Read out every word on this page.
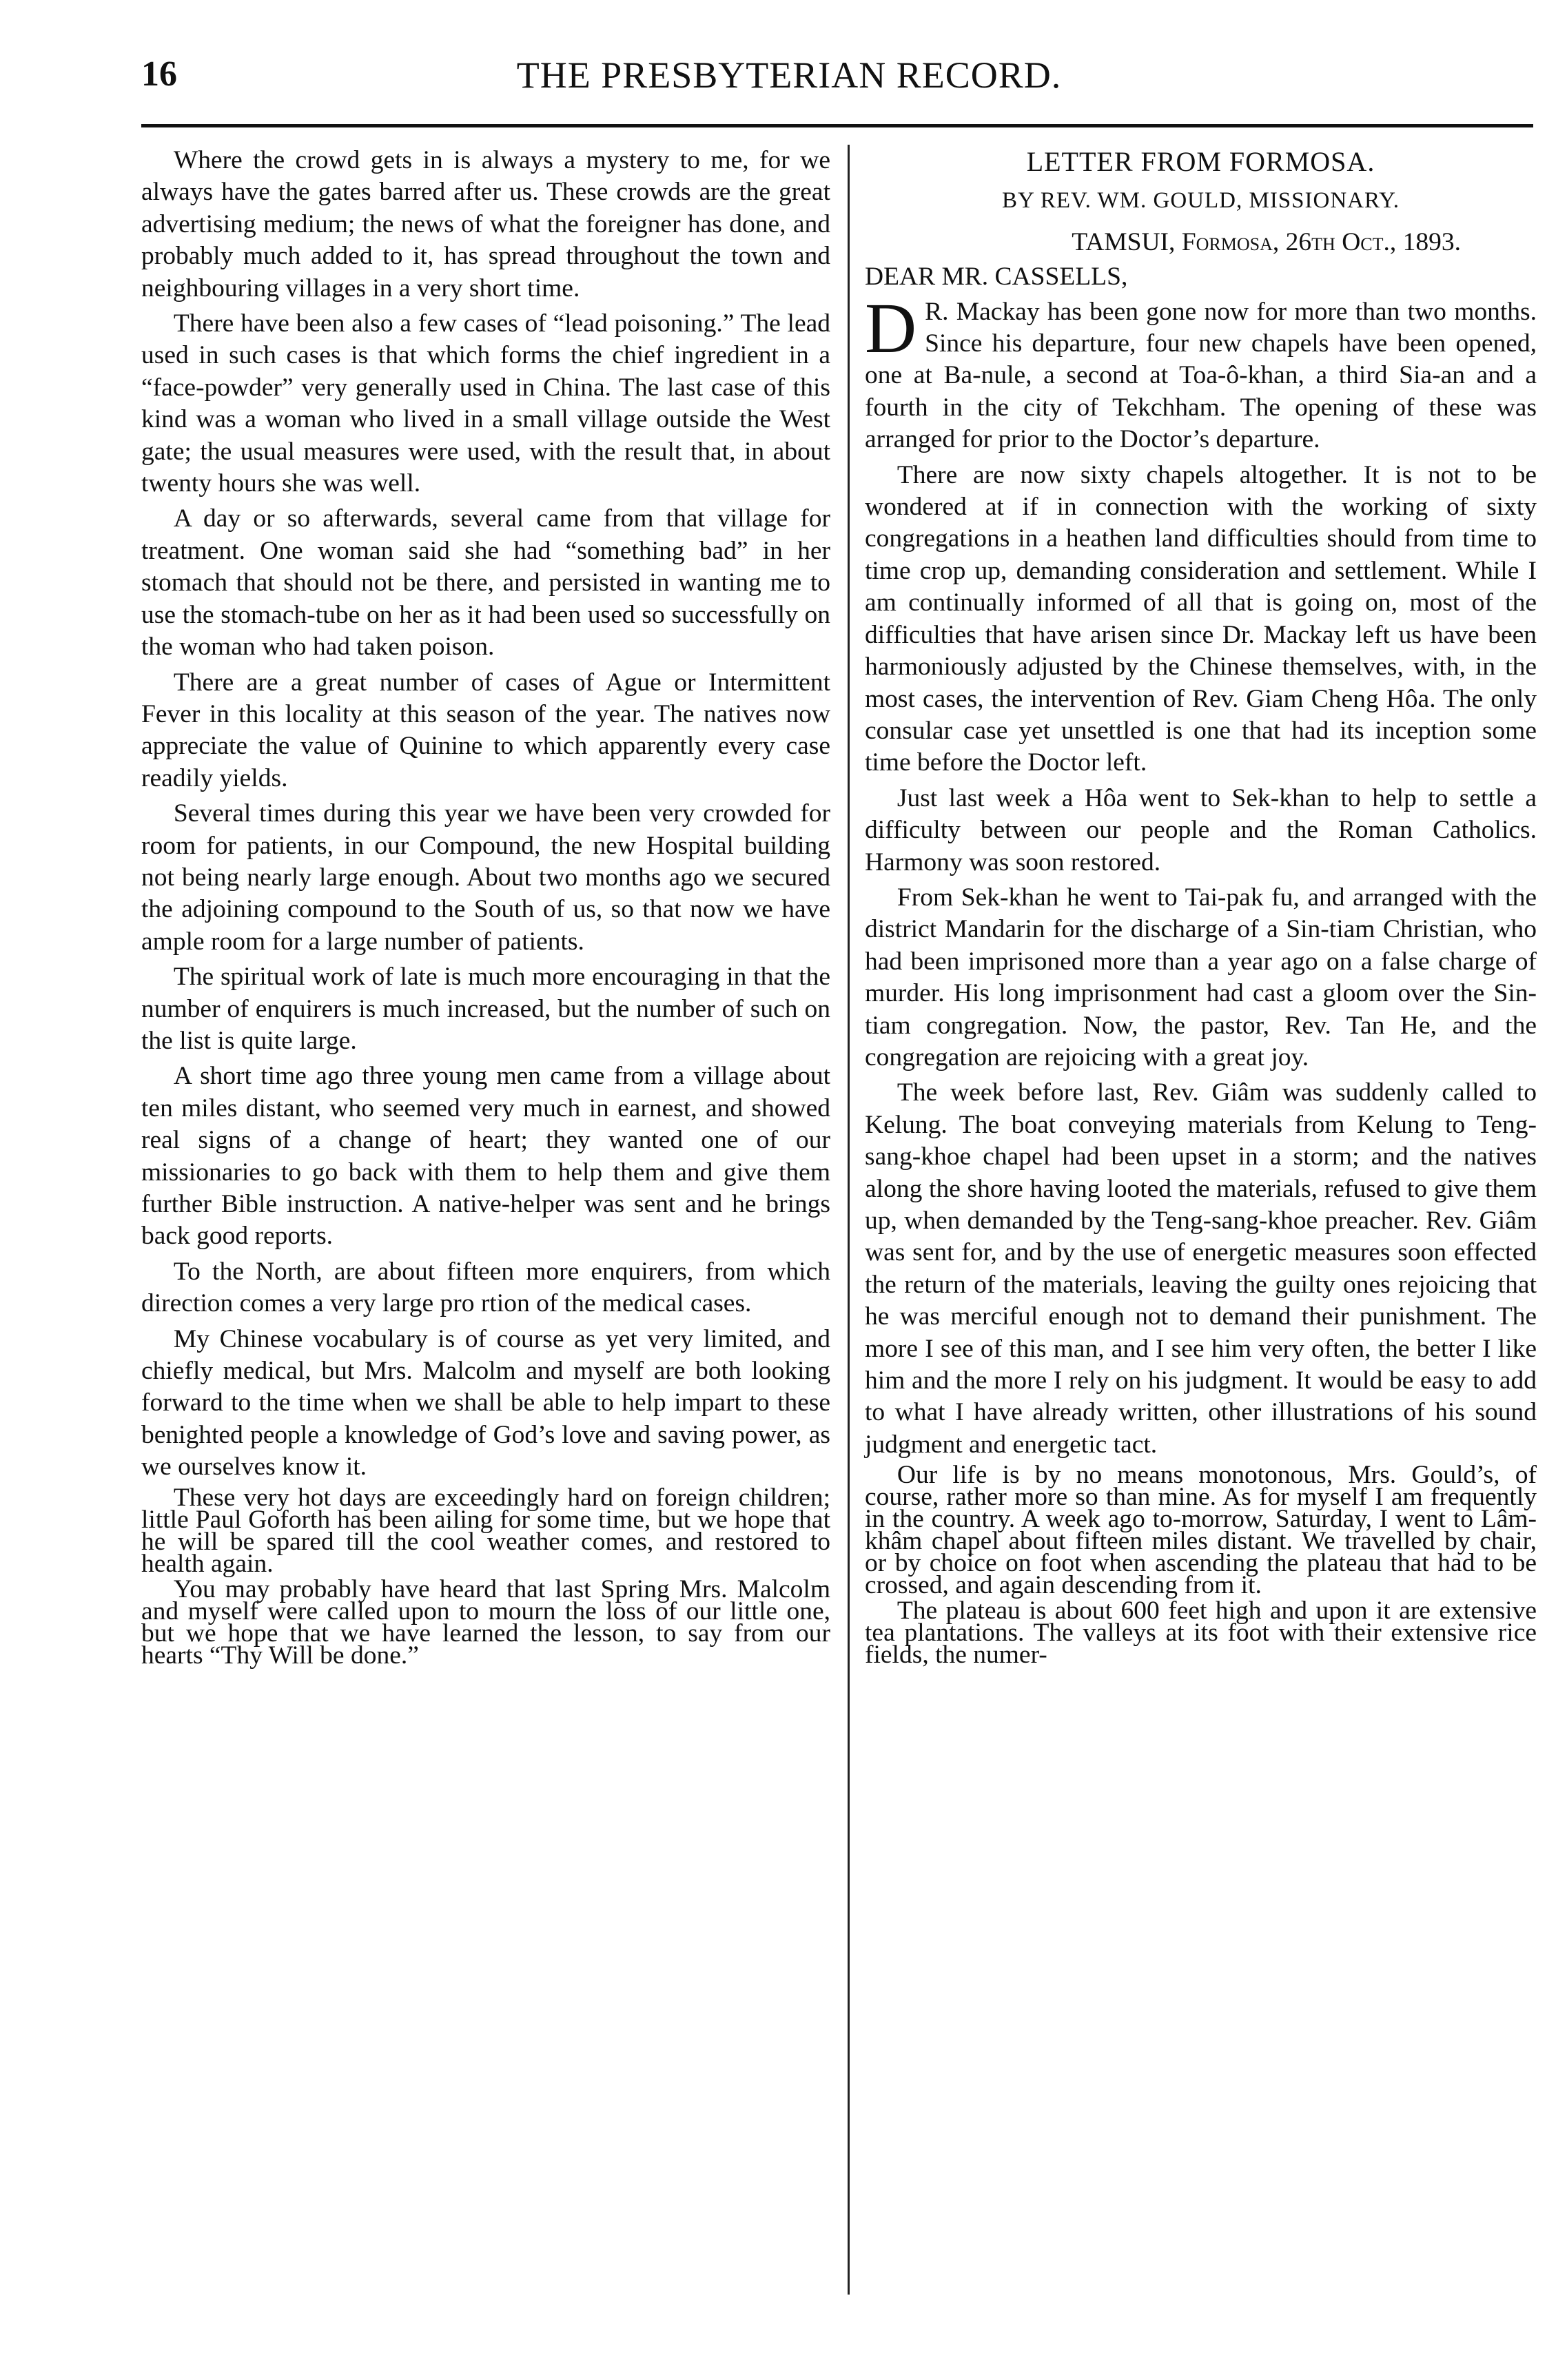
16	THE PRESBYTERIAN RECORD.

Where the crowd gets in is always a mystery to me, for we always have the gates barred after us. These crowds are the great advertising medium; the news of what the foreigner has done, and probably much added to it, has spread throughout the town and neighbouring villages in a very short time.

There have been also a few cases of “lead poisoning.” The lead used in such cases is that which forms the chief ingredient in a “face-powder” very generally used in China. The last case of this kind was a woman who lived in a small village outside the West gate; the usual measures were used, with the result that, in about twenty hours she was well.

A day or so afterwards, several came from that village for treatment. One woman said she had “something bad” in her stomach that should not be there, and persisted in wanting me to use the stomach-tube on her as it had been used so successfully on the woman who had taken poison.

There are a great number of cases of Ague or Intermittent Fever in this locality at this season of the year. The natives now appreciate the value of Quinine to which apparently every case readily yields.

Several times during this year we have been very crowded for room for patients, in our Compound, the new Hospital building not being nearly large enough. About two months ago we secured the adjoining compound to the South of us, so that now we have ample room for a large number of patients.

The spiritual work of late is much more encouraging in that the number of enquirers is much increased, but the number of such on the list is quite large.

A short time ago three young men came from a village about ten miles distant, who seemed very much in earnest, and showed real signs of a change of heart; they wanted one of our missionaries to go back with them to help them and give them further Bible instruction. A native-helper was sent and he brings back good reports.

To the North, are about fifteen more enquirers, from which direction comes a very large pro rtion of the medical cases.

My Chinese vocabulary is of course as yet very limited, and chiefly medical, but Mrs. Malcolm and myself are both looking forward to the time when we shall be able to help impart to these benighted people a knowledge of God’s love and saving power, as we ourselves know it.

These very hot days are exceedingly hard on foreign children; little Paul Goforth has been ailing for some time, but we hope that he will be spared till the cool weather comes, and restored to health again.

You may probably have heard that last Spring Mrs. Malcolm and myself were called upon to mourn the loss of our little one, but we hope that we have learned the lesson, to say from our hearts “Thy Will be done.”

LETTER FROM FORMOSA.
BY REV. WM. GOULD, MISSIONARY.
TAMSUI, Formosa, 26th Oct., 1893.
DEAR MR. CASSELLS,

D R. Mackay has been gone now for more than two months. Since his departure, four new chapels have been opened, one at Ba-nule, a second at Toa-ô-khan, a third Sia-an and a fourth in the city of Tekchham. The opening of these was arranged for prior to the Doctor’s departure.

There are now sixty chapels altogether. It is not to be wondered at if in connection with the working of sixty congregations in a heathen land difficulties should from time to time crop up, demanding consideration and settlement. While I am continually informed of all that is going on, most of the difficulties that have arisen since Dr. Mackay left us have been harmoniously adjusted by the Chinese themselves, with, in the most cases, the intervention of Rev. Giam Cheng Hôa. The only consular case yet unsettled is one that had its inception some time before the Doctor left.

Just last week a Hôa went to Sek-khan to help to settle a difficulty between our people and the Roman Catholics. Harmony was soon restored.

From Sek-khan he went to Tai-pak fu, and arranged with the district Mandarin for the discharge of a Sin-tiam Christian, who had been imprisoned more than a year ago on a false charge of murder. His long imprisonment had cast a gloom over the Sin-tiam congregation. Now, the pastor, Rev. Tan He, and the congregation are rejoicing with a great joy.

The week before last, Rev. Giâm was suddenly called to Kelung. The boat conveying materials from Kelung to Teng-sang-khoe chapel had been upset in a storm; and the natives along the shore having looted the materials, refused to give them up, when demanded by the Teng-sang-khoe preacher. Rev. Giâm was sent for, and by the use of energetic measures soon effected the return of the materials, leaving the guilty ones rejoicing that he was merciful enough not to demand their punishment. The more I see of this man, and I see him very often, the better I like him and the more I rely on his judgment. It would be easy to add to what I have already written, other illustrations of his sound judgment and energetic tact.

Our life is by no means monotonous, Mrs. Gould’s, of course, rather more so than mine. As for myself I am frequently in the country. A week ago to-morrow, Saturday, I went to Lâm-khâm chapel about fifteen miles distant. We travelled by chair, or by choice on foot when ascending the plateau that had to be crossed, and again descending from it.

The plateau is about 600 feet high and upon it are extensive tea plantations. The valleys at its foot with their extensive rice fields, the numer-
